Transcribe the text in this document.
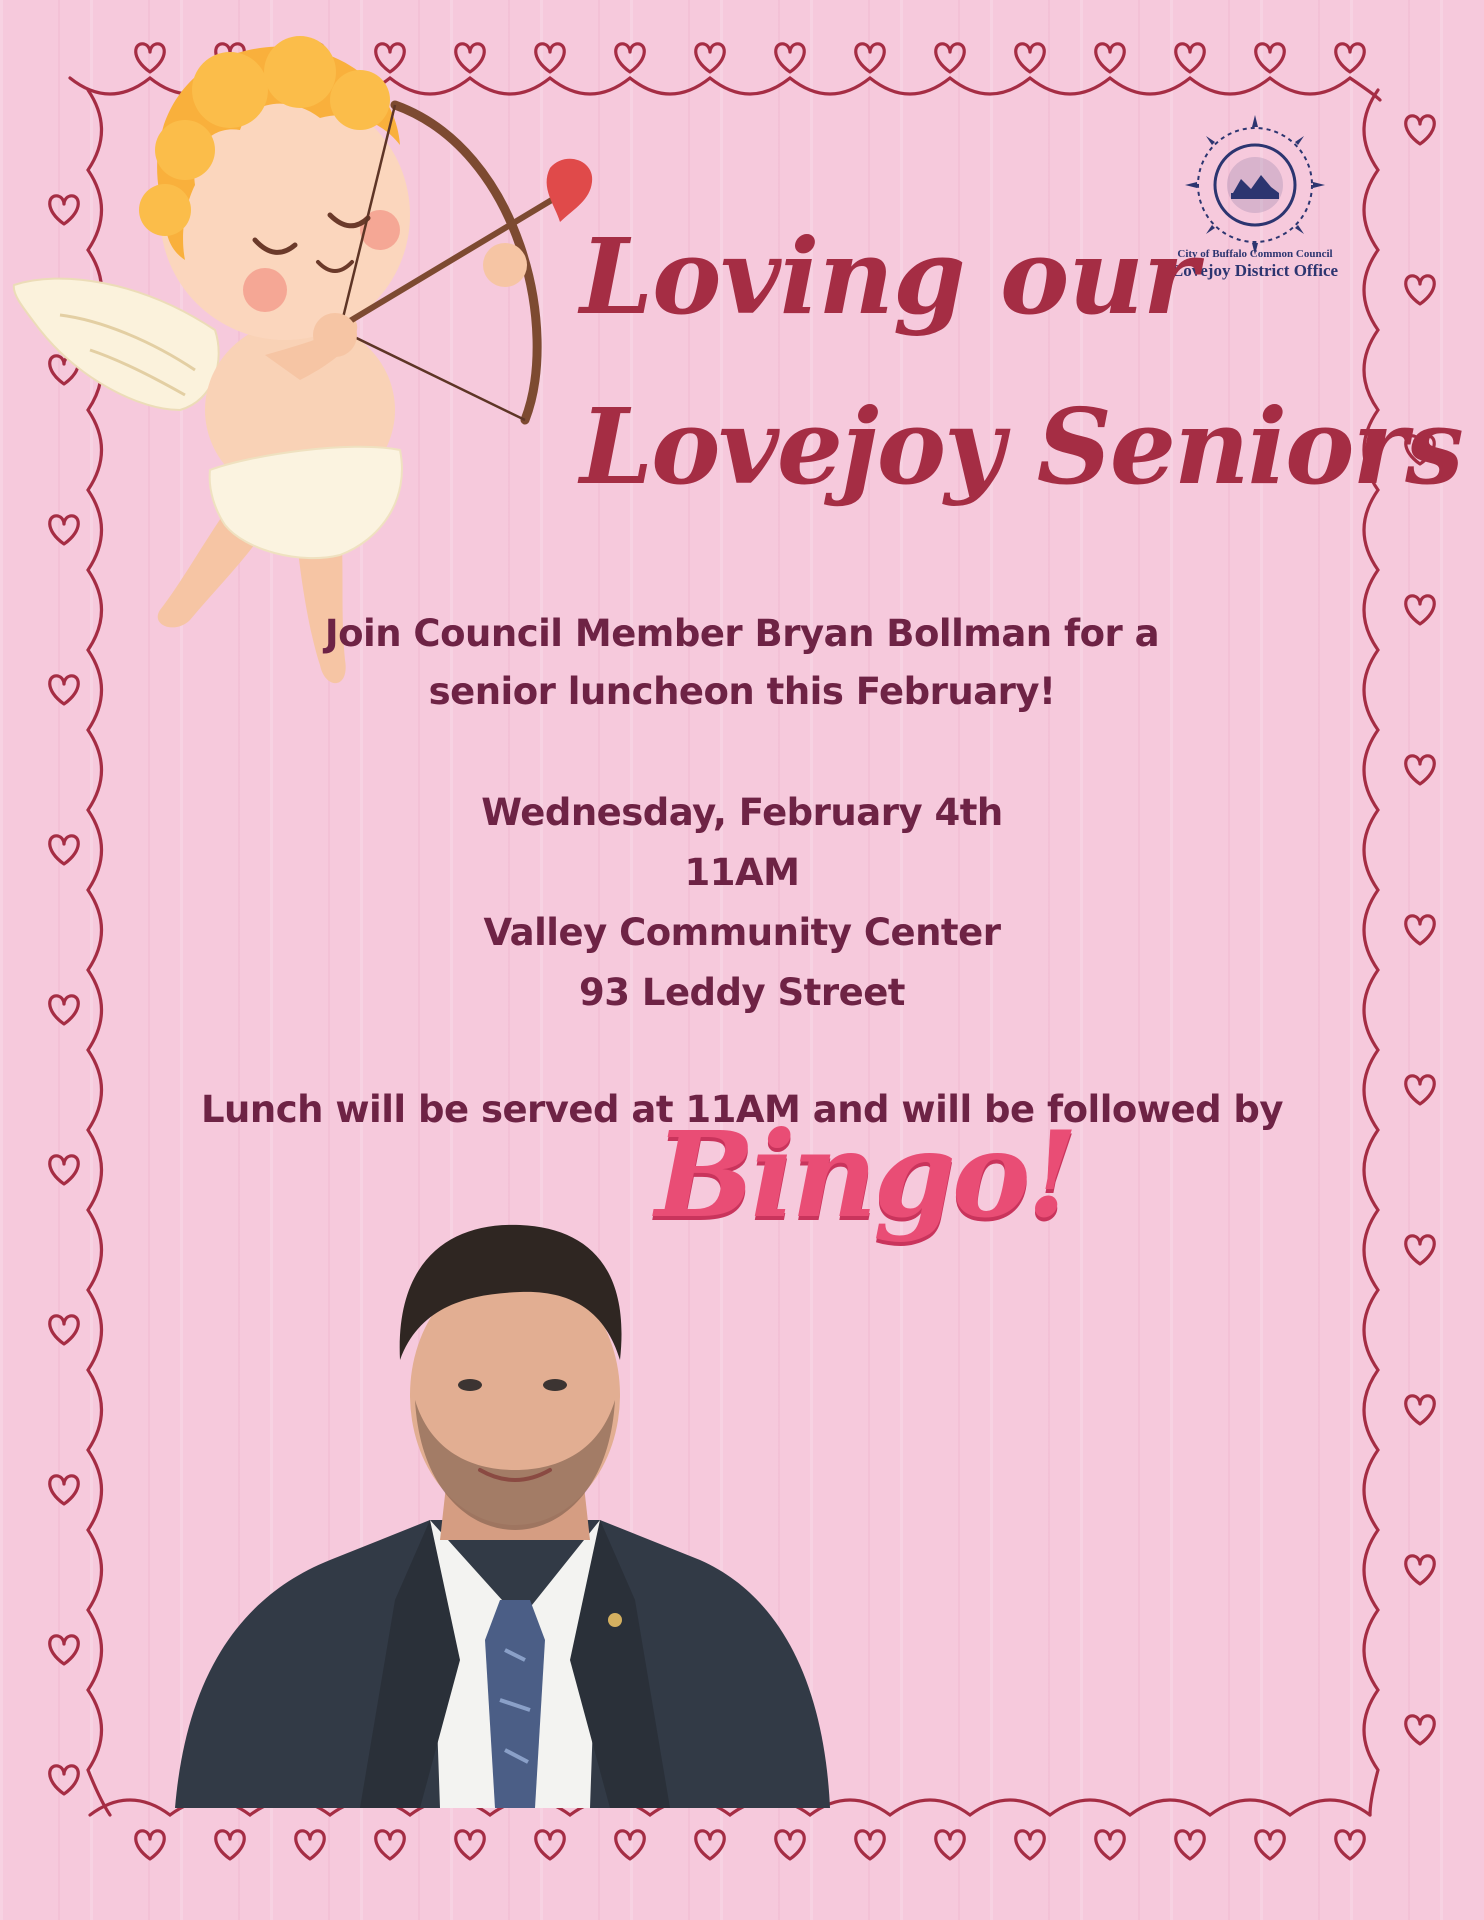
City of Buffalo Common Council
Lovejoy District Office
Loving our
Lovejoy Seniors
Join Council Member Bryan Bollman for a
senior luncheon this February!
Wednesday, February 4th
11AM
Valley Community Center
93 Leddy Street
Lunch will be served at 11AM and will be followed by
Bingo!
